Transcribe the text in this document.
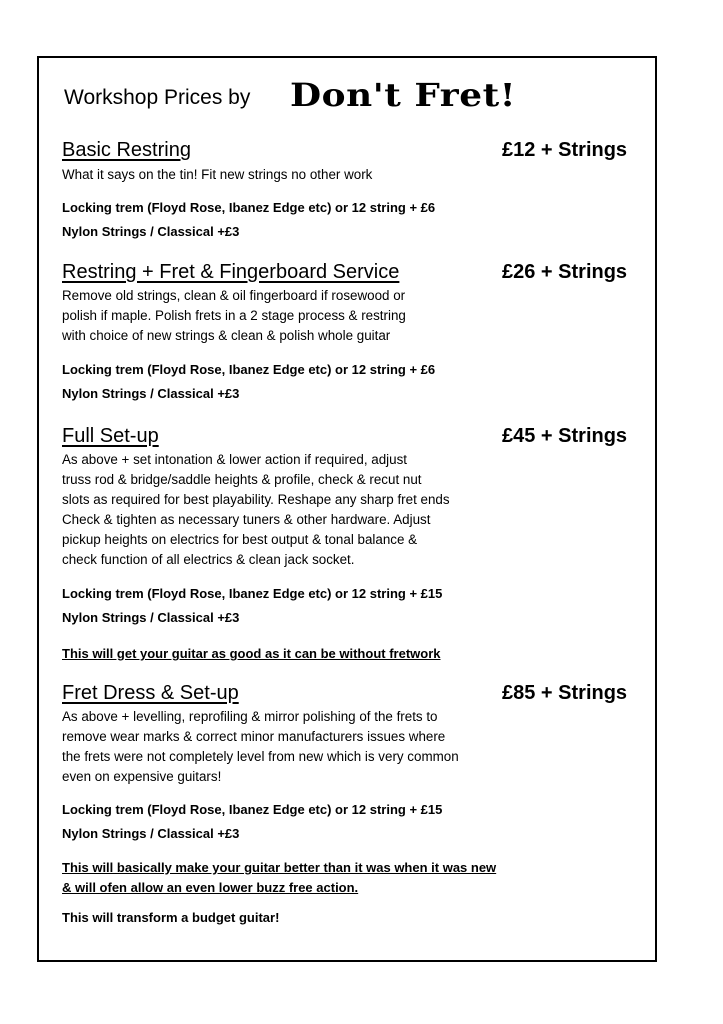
Workshop Prices by Don't Fret!
Basic Restring	£12 + Strings
What it says on the tin! Fit new strings no other work
Locking trem (Floyd Rose, Ibanez Edge etc) or 12 string + £6
Nylon Strings / Classical +£3
Restring + Fret & Fingerboard Service	£26 + Strings
Remove old strings, clean & oil fingerboard if rosewood or
polish if maple. Polish frets in a 2 stage process & restring
with choice of new strings & clean & polish whole guitar
Locking trem (Floyd Rose, Ibanez Edge etc) or 12 string + £6
Nylon Strings / Classical +£3
Full Set-up	£45 + Strings
As above + set intonation & lower action if required, adjust
truss rod & bridge/saddle heights & profile, check & recut nut
slots as required for best playability. Reshape any sharp fret ends
Check & tighten as necessary tuners & other hardware. Adjust
pickup heights on electrics for best output & tonal balance &
check function of all electrics & clean jack socket.
Locking trem (Floyd Rose, Ibanez Edge etc) or 12 string + £15
Nylon Strings / Classical +£3
This will get your guitar as good as it can be without fretwork
Fret Dress & Set-up	£85 + Strings
As above + levelling, reprofiling & mirror polishing of the frets to
remove wear marks & correct minor manufacturers issues where
the frets were not completely level from new which is very common
even on expensive guitars!
Locking trem (Floyd Rose, Ibanez Edge etc) or 12 string + £15
Nylon Strings / Classical +£3
This will basically make your guitar better than it was when it was new
& will ofen allow an even lower buzz free action.
This will transform a budget guitar!
